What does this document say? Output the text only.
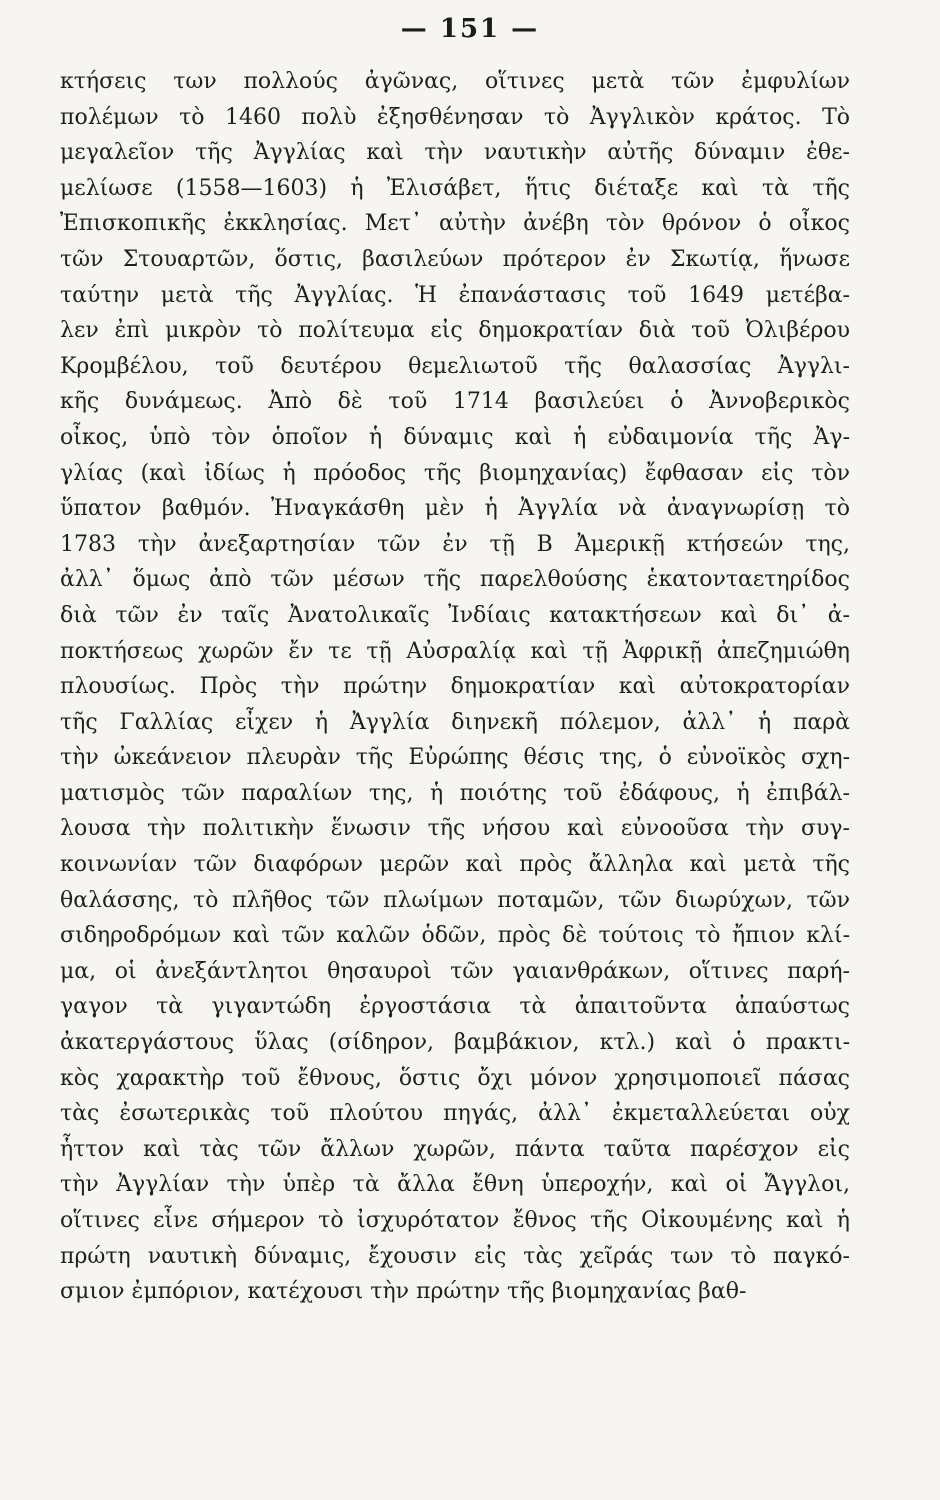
— 151 —
κτήσεις των πολλούς ἀγῶνας, οἵτινες μετὰ τῶν ἐμφυλίων
πολέμων τὸ 1460 πολὺ ἐξησθένησαν τὸ Ἀγγλικὸν κράτος. Τὸ
μεγαλεῖον τῆς Ἀγγλίας καὶ τὴν ναυτικὴν αὐτῆς δύναμιν ἐθε-
μελίωσε (1558—1603) ἡ Ἐλισάβετ, ἥτις διέταξε καὶ τὰ τῆς
Ἐπισκοπικῆς ἐκκλησίας. Μετ᾽ αὐτὴν ἀνέβη τὸν θρόνον ὁ οἶκος
τῶν Στουαρτῶν, ὅστις, βασιλεύων πρότερον ἐν Σκωτίᾳ, ἥνωσε
ταύτην μετὰ τῆς Ἀγγλίας. Ἡ ἐπανάστασις τοῦ 1649 μετέβα-
λεν ἐπὶ μικρὸν τὸ πολίτευμα εἰς δημοκρατίαν διὰ τοῦ Ὀλιβέρου
Κρομβέλου, τοῦ δευτέρου θεμελιωτοῦ τῆς θαλασσίας Ἀγγλι-
κῆς δυνάμεως. Ἀπὸ δὲ τοῦ 1714 βασιλεύει ὁ Ἀννοβερικὸς
οἶκος, ὑπὸ τὸν ὁποῖον ἡ δύναμις καὶ ἡ εὐδαιμονία τῆς Ἀγ-
γλίας (καὶ ἰδίως ἡ πρόοδος τῆς βιομηχανίας) ἔφθασαν εἰς τὸν
ὕπατον βαθμόν. Ἠναγκάσθη μὲν ἡ Ἀγγλία νὰ ἀναγνωρίσῃ τὸ
1783 τὴν ἀνεξαρτησίαν τῶν ἐν τῇ Β Ἀμερικῇ κτήσεών της,
ἀλλ᾽ ὅμως ἀπὸ τῶν μέσων τῆς παρελθούσης ἑκατονταετηρίδος
διὰ τῶν ἐν ταῖς Ἀνατολικαῖς Ἰνδίαις κατακτήσεων καὶ δι᾽ ἀ-
ποκτήσεως χωρῶν ἔν τε τῇ Αὐσραλίᾳ καὶ τῇ Ἀφρικῇ ἀπεζημιώθη
πλουσίως. Πρὸς τὴν πρώτην δημοκρατίαν καὶ αὐτοκρατορίαν
τῆς Γαλλίας εἶχεν ἡ Ἀγγλία διηνεκῆ πόλεμον, ἀλλ᾽ ἡ παρὰ
τὴν ὠκεάνειον πλευρὰν τῆς Εὐρώπης θέσις της, ὁ εὐνοϊκὸς σχη-
ματισμὸς τῶν παραλίων της, ἡ ποιότης τοῦ ἐδάφους, ἡ ἐπιβάλ-
λουσα τὴν πολιτικὴν ἕνωσιν τῆς νήσου καὶ εὐνοοῦσα τὴν συγ-
κοινωνίαν τῶν διαφόρων μερῶν καὶ πρὸς ἄλληλα καὶ μετὰ τῆς
θαλάσσης, τὸ πλῆθος τῶν πλωίμων ποταμῶν, τῶν διωρύχων, τῶν
σιδηροδρόμων καὶ τῶν καλῶν ὁδῶν, πρὸς δὲ τούτοις τὸ ἤπιον κλί-
μα, οἱ ἀνεξάντλητοι θησαυροὶ τῶν γαιανθράκων, οἵτινες παρή-
γαγον τὰ γιγαντώδη ἐργοστάσια τὰ ἀπαιτοῦντα ἀπαύστως
ἀκατεργάστους ὕλας (σίδηρον, βαμβάκιον, κτλ.) καὶ ὁ πρακτι-
κὸς χαρακτὴρ τοῦ ἔθνους, ὅστις ὄχι μόνον χρησιμοποιεῖ πάσας
τὰς ἐσωτερικὰς τοῦ πλούτου πηγάς, ἀλλ᾽ ἐκμεταλλεύεται οὐχ
ἧττον καὶ τὰς τῶν ἄλλων χωρῶν, πάντα ταῦτα παρέσχον εἰς
τὴν Ἀγγλίαν τὴν ὑπὲρ τὰ ἄλλα ἔθνη ὑπεροχήν, καὶ οἱ Ἄγγλοι,
οἵτινες εἶνε σήμερον τὸ ἰσχυρότατον ἔθνος τῆς Οἰκουμένης καὶ ἡ
πρώτη ναυτικὴ δύναμις, ἔχουσιν εἰς τὰς χεῖράς των τὸ παγκό-
σμιον ἐμπόριον, κατέχουσι τὴν πρώτην τῆς βιομηχανίας βαθ-
